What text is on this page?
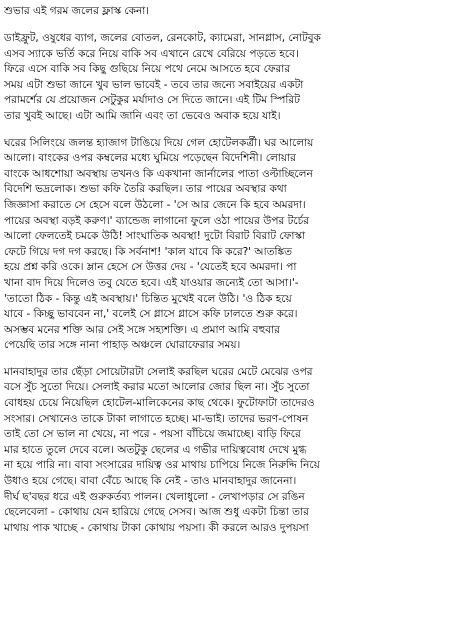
শুভার এই গরম জলের ফ্লাস্ক কেনা।
ডাইফ্রুট, ওষুধের ব্যাগ, জলের বোতল, রেনকোট, ক্যামেরা, সানগ্লাস, নোটবুক
এসব স্যাকে ভর্তি করে নিয়ে বাকি সব এখানে রেখে বেরিয়ে পড়তে হবে।
ফিরে এসে বাকি সব কিছু গুছিয়ে নিয়ে পথে নেমে আসতে হবে ফেরার
সময় এটা শুভা জানে খুব ভাল ভাবেই - তবে তার জন্যে সবাইয়ের একটা
পরামর্শের যে প্রয়োজন সেটুকুর মর্যাদাও সে দিতে জানে। এই টিম স্পিরিট
তার খুবই আছে। এটা আমি জানি এবং তা ভেবেও অবাক হয়ে যাই।
ঘরের সিলিংয়ে জলন্ত হ্যাজাগ টাঙিয়ে দিয়ে গেল হোটেলকর্ত্রী। ঘর আলোয়
আলো। বাংকের ওপর কম্বলের মধ্যে ঘুমিয়ে পড়েছেন বিদেশিনী। লোয়ার
বাংকে আধশোয়া অবস্থায় তখনও কি একখানা জার্নালের পাতা ওল্টাচ্ছিলেন
বিদেশি ভদ্রলোক। শুভা কফি তৈরি করছিল। তার পায়ের অবস্থার কথা
জিজ্ঞাসা করাতে সে হেসে বলে উঠলো - 'সে আর জেনে কি হবে অমরদা।
পায়ের অবস্থা বড়ই করুণ।' ব্যান্ডেজ লাগানো ফুলে ওঠা পায়ের উপর টর্চের
আলো ফেলতেই চমকে উঠি! সাংঘাতিক অবস্থা! দুটো বিরাট বিরাট ফোস্কা
ফেটে গিয়ে দগ দগ করছে। কি সর্বনাশ! 'কাল যাবে কি করে?' আতঙ্কিত
হয়ে প্রশ্ন করি ওকে। ম্লান হেসে সে উত্তর দেয় - 'যেতেই হবে অমরদা। পা
খানা বাদ দিয়ে দিলেও তবু যেতে হবে। এই যাওয়ার জন্যেই তো আসা।'-
'তাতো ঠিক - কিন্তু এই অবস্থায়।' চিন্তিত মুখেই বলে উঠি। 'ও ঠিক হয়ে
যাবে - কিচ্ছু ভাববেন না,' বলেই সে গ্লাসে গ্লাসে কফি ঢালতে শুরু করে।
অসম্ভব মনের শক্তি আর সেই সঙ্গে সহ্যশক্তি। এ প্রমাণ আমি বহুবার
পেয়েছি তার সঙ্গে নানা পাহাড় অঞ্চলে ঘোরাফেরার সময়।
মানবাহাদুর তার ছেঁড়া সোয়েটারটা সেলাই করছিল ঘরের মেটে মেঝের ওপর
বসে সুঁচ সুতো দিয়ে। সেলাই করার মতো আলোর জোর ছিল না। সুঁচ সুতো
বোধহয় চেয়ে নিয়েছিল হোটেল-মালিকেনের কাছ থেকে। ফুটোফাটা তাদেরও
সংসার। সেখানেও তাকে টাকা লাগাতে হচ্ছে। মা-ভাই। তাদের ভরণ-পোষন
তাই তো সে ভাল না খেয়ে, না পরে - পয়সা বাঁচিয়ে জমাচ্ছে। বাড়ি ফিরে
মার হাতে তুলে দেবে বলে। অতটুকু ছেলের এ গভীর দায়িত্ববোধ দেখে মুগ্ধ
না হয়ে পারি না। বাবা সংসারের দায়িত্ব ওর মাথায় চাপিয়ে নিজে নিরুদ্দি নিয়ে
উধাও হয়ে গেছে। বাবা বেঁচে আছে কি নেই - তাও মানবাহাদুর জানেনা।
দীর্ঘ ছ'বছর ধরে এই গুরুকর্তব্য পালন। খেলাধুলো - লেখাপড়ার সে রঙিন
ছেলেবেলা - কোথায় যেন হারিয়ে গেছে সেসব। আজ শুধু একটা চিন্তা তার
মাথায় পাক খাচ্ছে - কোথায় টাকা কোথায় পয়সা। কী করলে আরও দুপয়সা
